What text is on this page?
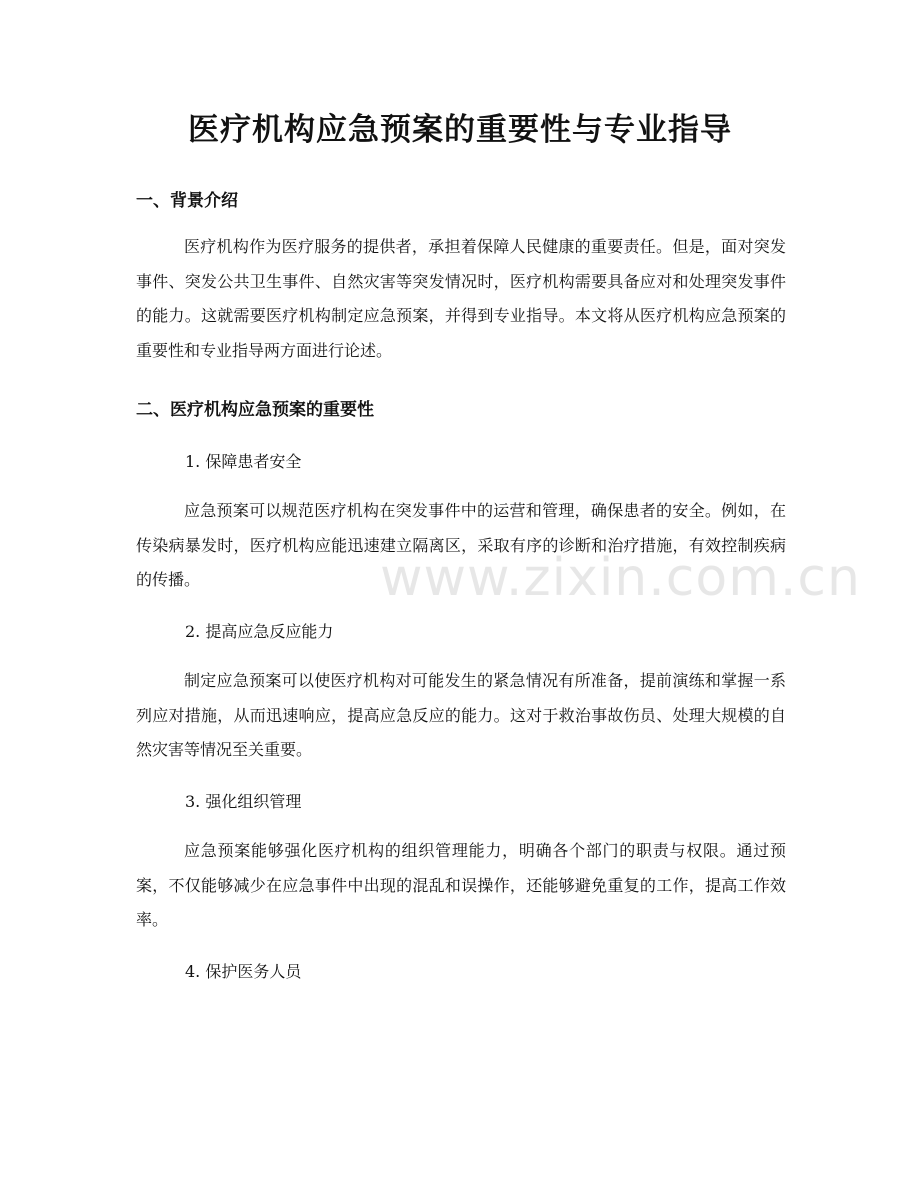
医疗机构应急预案的重要性与专业指导
一、背景介绍

医疗机构作为医疗服务的提供者，承担着保障人民健康的重要责任。但是，面对突发事件、突发公共卫生事件、自然灾害等突发情况时，医疗机构需要具备应对和处理突发事件的能力。这就需要医疗机构制定应急预案，并得到专业指导。本文将从医疗机构应急预案的重要性和专业指导两方面进行论述。

二、医疗机构应急预案的重要性

1. 保障患者安全

应急预案可以规范医疗机构在突发事件中的运营和管理，确保患者的安全。例如，在传染病暴发时，医疗机构应能迅速建立隔离区，采取有序的诊断和治疗措施，有效控制疾病的传播。

2. 提高应急反应能力

制定应急预案可以使医疗机构对可能发生的紧急情况有所准备，提前演练和掌握一系列应对措施，从而迅速响应，提高应急反应的能力。这对于救治事故伤员、处理大规模的自然灾害等情况至关重要。

3. 强化组织管理

应急预案能够强化医疗机构的组织管理能力，明确各个部门的职责与权限。通过预案，不仅能够减少在应急事件中出现的混乱和误操作，还能够避免重复的工作，提高工作效率。

4. 保护医务人员

www.zixin.com.cn
